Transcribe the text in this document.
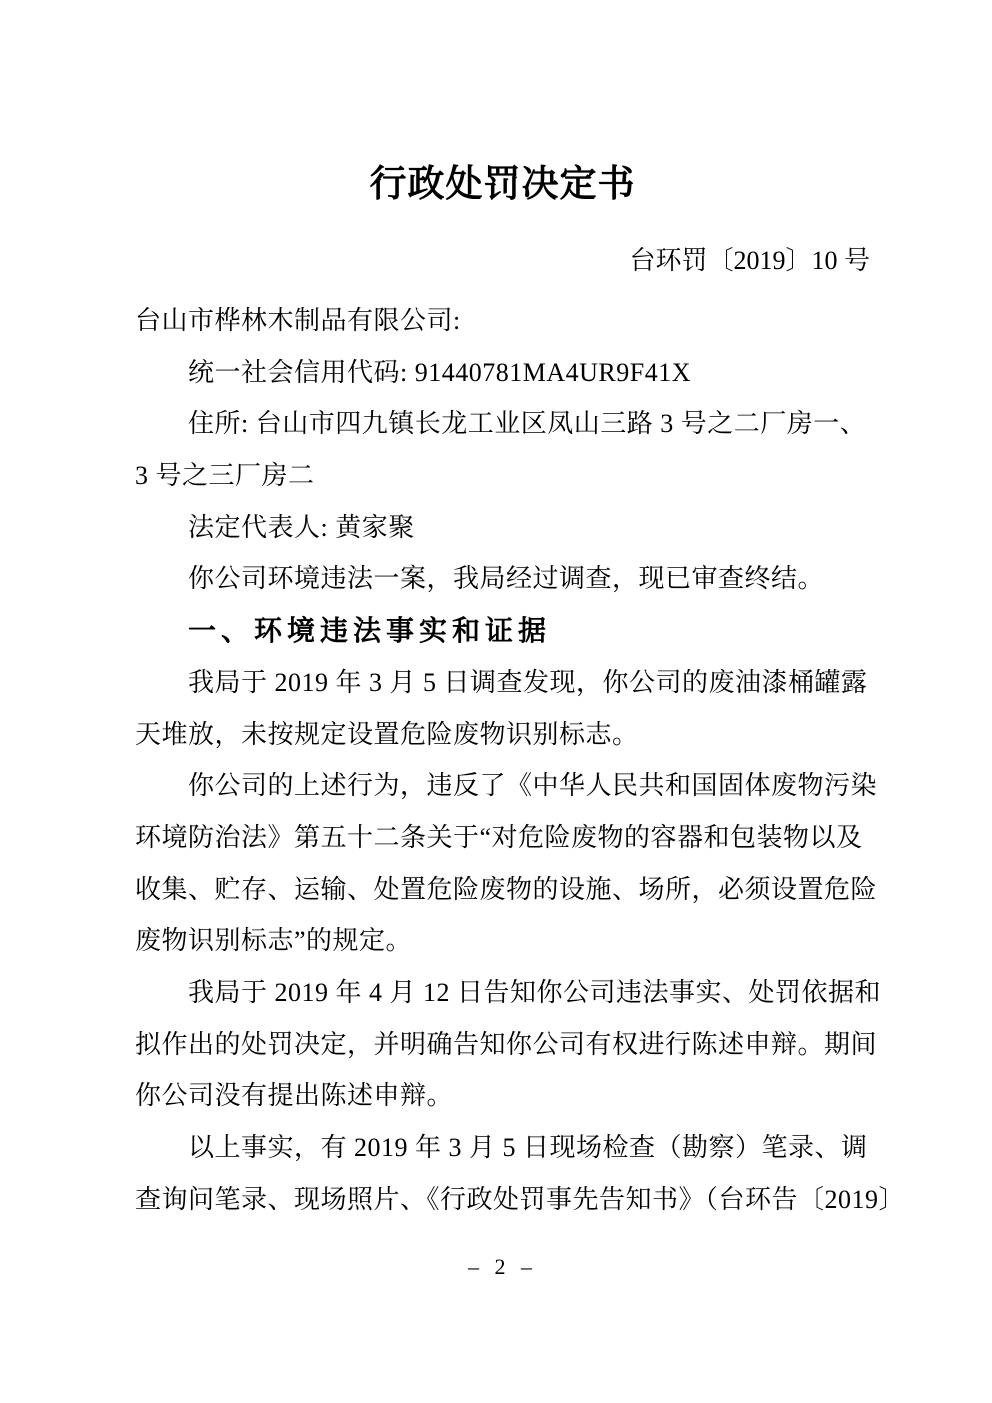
行政处罚决定书
台环罚〔2019〕10 号
台山市桦林木制品有限公司:
统一社会信用代码: 91440781MA4UR9F41X
住所: 台山市四九镇长龙工业区凤山三路 3 号之二厂房一、
3 号之三厂房二
法定代表人: 黄家聚
你公司环境违法一案，我局经过调查，现已审查终结。
一、环境违法事实和证据
我局于 2019 年 3 月 5 日调查发现，你公司的废油漆桶罐露
天堆放，未按规定设置危险废物识别标志。
你公司的上述行为，违反了《中华人民共和国固体废物污染
环境防治法》第五十二条关于“对危险废物的容器和包装物以及
收集、贮存、运输、处置危险废物的设施、场所，必须设置危险
废物识别标志”的规定。
我局于 2019 年 4 月 12 日告知你公司违法事实、处罚依据和
拟作出的处罚决定，并明确告知你公司有权进行陈述申辩。期间
你公司没有提出陈述申辩。
以上事实，有 2019 年 3 月 5 日现场检查（勘察）笔录、调
查询问笔录、现场照片、《行政处罚事先告知书》（台环告〔2019〕
– 2 –
